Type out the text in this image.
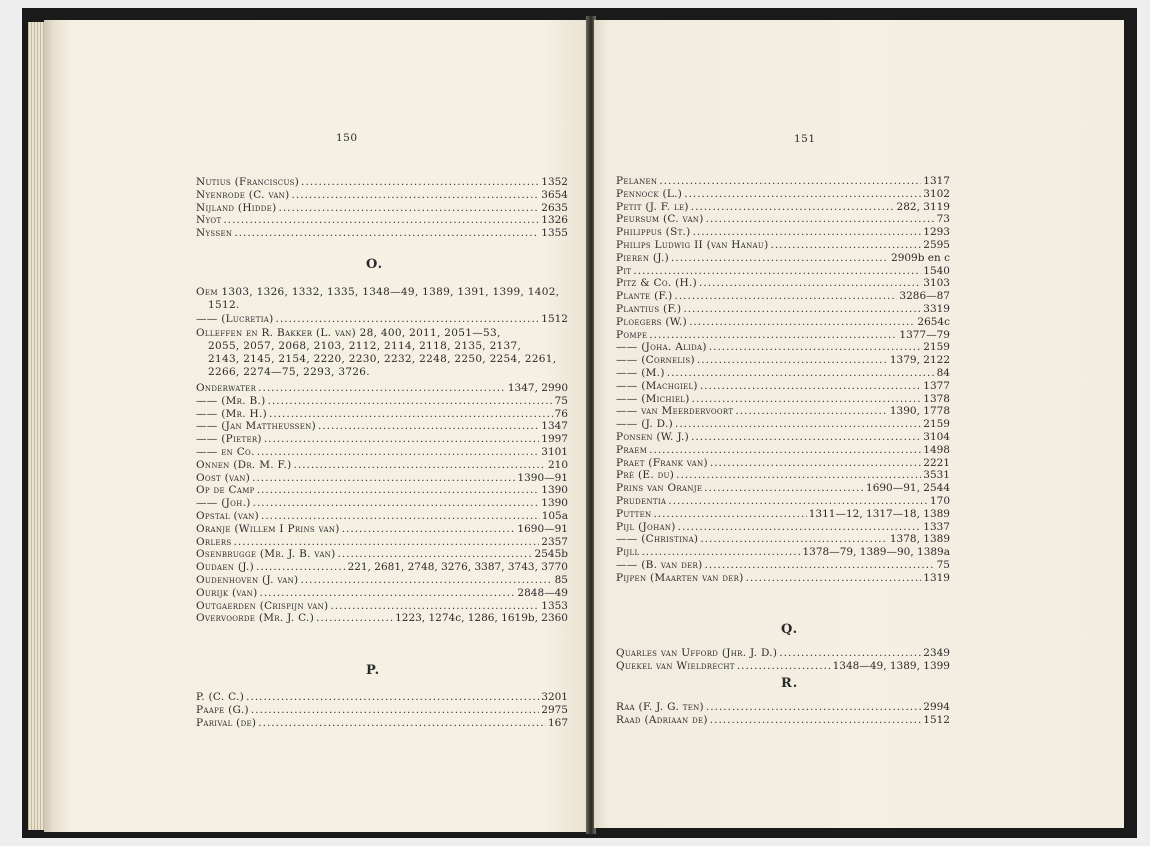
150
Nutius (Franciscus) .....	1352
Nyenrode (C. van) .....	3654
Nijland (Hidde) .....	2635
Nyot .....	1326
Nyssen .....	1355
O.
Oem 1303, 1326, 1332, 1335, 1348—49, 1389, 1391, 1399, 1402,
1512.
—— (Lucretia) .....	1512
Olleffen en R. Bakker (L. van) 28, 400, 2011, 2051—53,
2055, 2057, 2068, 2103, 2112, 2114, 2118, 2135, 2137,
2143, 2145, 2154, 2220, 2230, 2232, 2248, 2250, 2254, 2261,
2266, 2274—75, 2293, 3726.
Onderwater .....	1347, 2990
—— (Mr. B.) .....	75
—— (Mr. H.) .....	76
—— (Jan Mattheussen) .....	1347
—— (Pieter) .....	1997
—— en Co. .....	3101
Onnen (Dr. M. F.) .....	210
Oost (van) .....	1390—91
Op de Camp .....	1390
—— (Joh.) .....	1390
Opstal (van) .....	105a
Oranje (Willem I Prins van) .....	1690—91
Orlers .....	2357
Osenbrugge (Mr. J. B. van) .....	2545b
Oudaen (J.) .....	221, 2681, 2748, 3276, 3387, 3743, 3770
Oudenhoven (J. van) .....	85
Ourijk (van) .....	2848—49
Outgaerden (Crispijn van) .....	1353
Overvoorde (Mr. J. C.) .....	1223, 1274c, 1286, 1619b, 2360
P.
P. (C. C.) .....	3201
Paape (G.) .....	2975
Parival (de) .....	167
151
Pelanen .....	1317
Pennock (L.) .....	3102
Petit (J. F. le) .....	282, 3119
Peursum (C. van) .....	73
Philippus (St.) .....	1293
Philips Ludwig II (van Hanau) .....	2595
Pieren (J.) .....	2909b en c
Pit .....	1540
Pitz & Co. (H.) .....	3103
Plante (F.) .....	3286—87
Plantius (F.) .....	3319
Ploegers (W.) .....	2654c
Pompe .....	1377—79
—— (Joha. Alida) .....	2159
—— (Cornelis) .....	1379, 2122
—— (M.) .....	84
—— (Machgiel) .....	1377
—— (Michiel) .....	1378
—— van Meerdervoort .....	1390, 1778
—— (J. D.) .....	2159
Ponsen (W. J.) .....	3104
Praem .....	1498
Praet (Frank van) .....	2221
Pré (E. du) .....	3531
Prins van Oranje .....	1690—91, 2544
Prudentia .....	170
Putten .....	1311—12, 1317—18, 1389
Pijl (Johan) .....	1337
—— (Christina) .....	1378, 1389
Pijll .....	1378—79, 1389—90, 1389a
—— (B. van der) .....	75
Pijpen (Maarten van der) .....	1319
Q.
Quarles van Ufford (Jhr. J. D.) .....	2349
Quekel van Wieldrecht .....	1348—49, 1389, 1399
R.
Raa (F. J. G. ten) .....	2994
Raad (Adriaan de) .....	1512
